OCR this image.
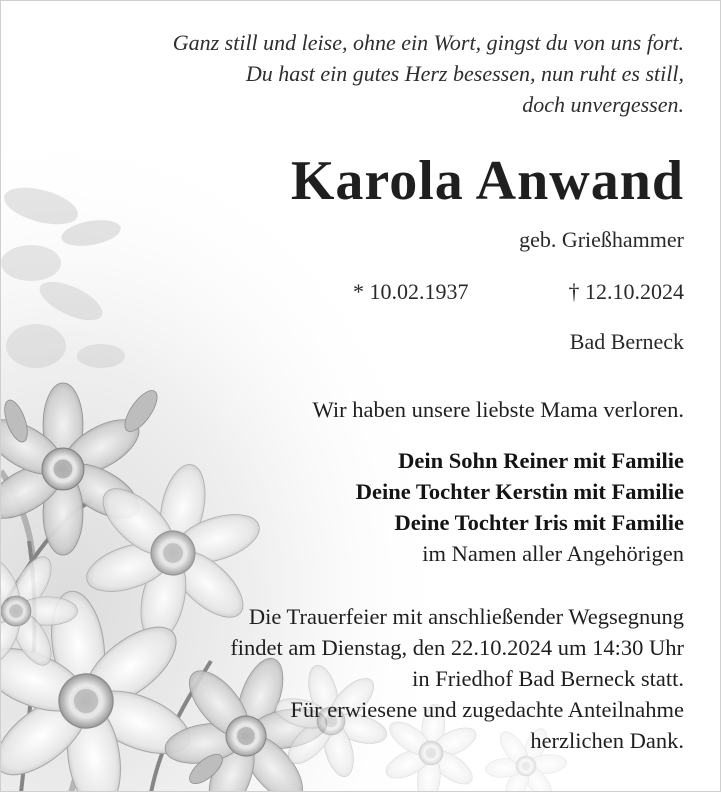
Ganz still und leise, ohne ein Wort, gingst du von uns fort.

Du hast ein gutes Herz besessen, nun ruht es still,

doch unvergessen.

Karola Anwand

geb. Grießhammer

* 10.02.1937	† 12.10.2024

Bad Berneck

Wir haben unsere liebste Mama verloren.

Dein Sohn Reiner mit Familie

Deine Tochter Kerstin mit Familie

Deine Tochter Iris mit Familie

im Namen aller Angehörigen

Die Trauerfeier mit anschließender Wegsegnung

findet am Dienstag, den 22.10.2024 um 14:30 Uhr

in Friedhof Bad Berneck statt.

Für erwiesene und zugedachte Anteilnahme

herzlichen Dank.
